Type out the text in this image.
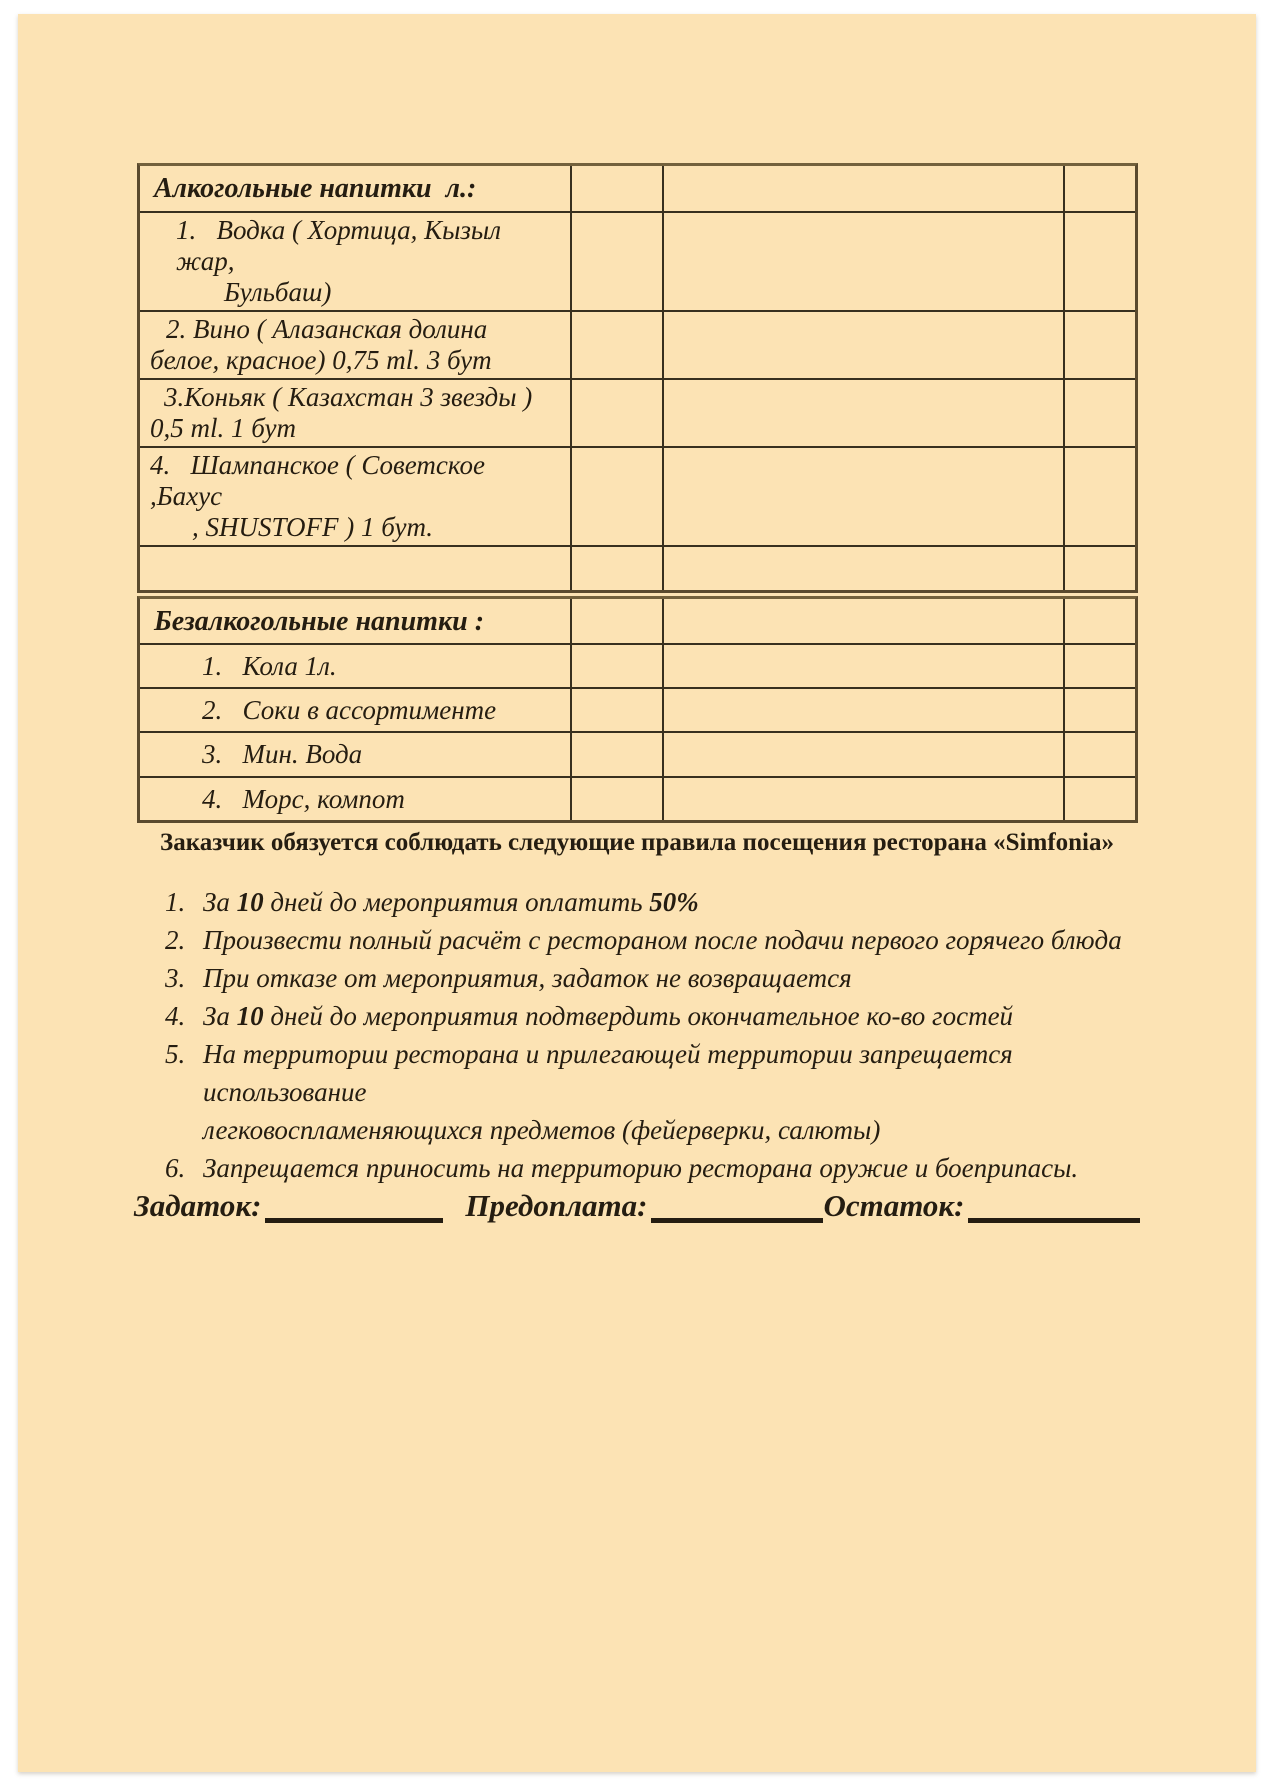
Алкогольные напитки  л.:
1.   Водка ( Хортица, Кызыл жар,
Бульбаш)
2. Вино ( Алазанская долина
белое, красное) 0,75 ml. 3 бут
3.Коньяк ( Казахстан 3 звезды )
0,5 ml. 1 бут
4.   Шампанское ( Советское ,Бахус
, SHUSTOFF ) 1 бут.
Безалкогольные напитки :
1.   Кола 1л.
2.   Соки в ассортименте
3.   Мин. Вода
4.   Морс, компот
Заказчик обязуется соблюдать следующие правила посещения ресторана «Simfonia»
1. За 10 дней до мероприятия оплатить 50%
2. Произвести полный расчёт с рестораном после подачи первого горячего блюда
3. При отказе от мероприятия, задаток не возвращается
4. За 10 дней до мероприятия подтвердить окончательное ко-во гостей
5. На территории ресторана и прилегающей территории запрещается использование
легковоспламеняющихся предметов (фейерверки, салюты)
6. Запрещается приносить на территорию ресторана оружие и боеприпасы.
Задаток:	Предоплата:	Остаток:
